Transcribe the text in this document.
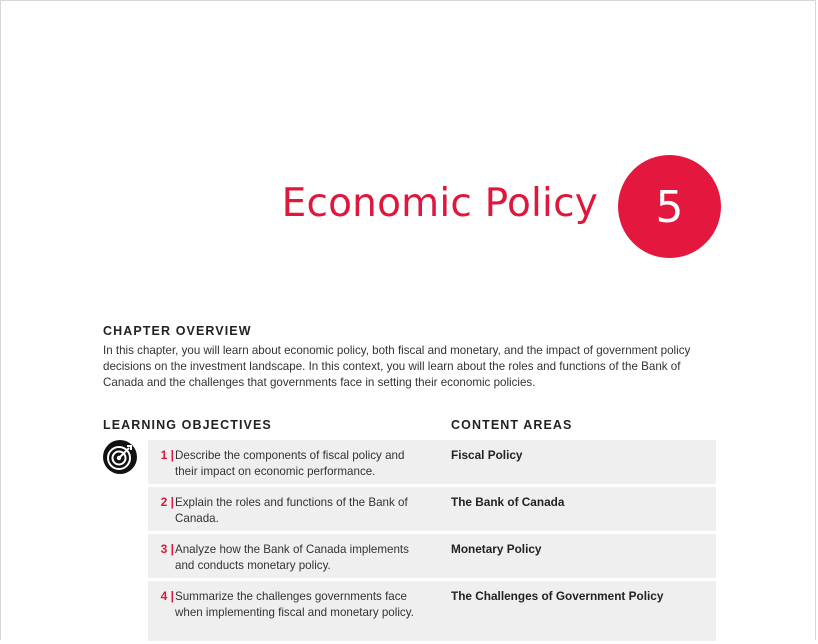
Economic Policy	5
CHAPTER OVERVIEW
In this chapter, you will learn about economic policy, both fiscal and monetary, and the impact of government policy decisions on the investment landscape. In this context, you will learn about the roles and functions of the Bank of Canada and the challenges that governments face in setting their economic policies.
LEARNING OBJECTIVES	CONTENT AREAS
1 | Describe the components of fiscal policy and their impact on economic performance.
Fiscal Policy
2 | Explain the roles and functions of the Bank of Canada.
The Bank of Canada
3 | Analyze how the Bank of Canada implements and conducts monetary policy.
Monetary Policy
4 | Summarize the challenges governments face when implementing fiscal and monetary policy.
The Challenges of Government Policy
